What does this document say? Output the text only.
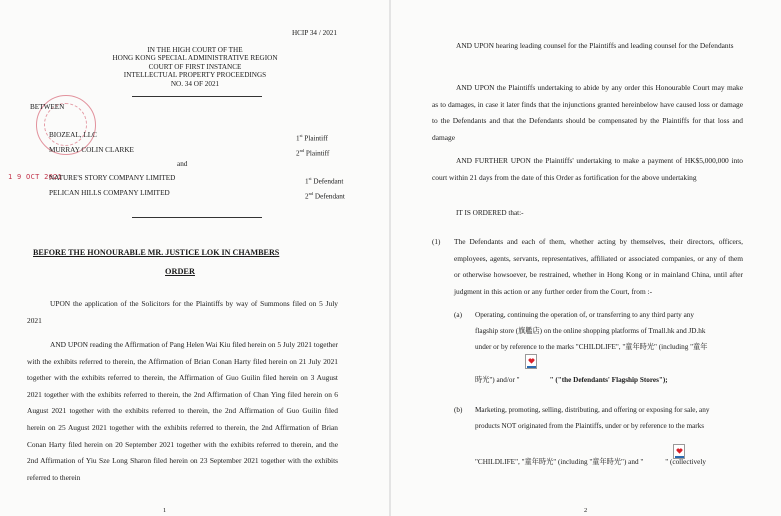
HCIP 34 / 2021
IN THE HIGH COURT OF THE
HONG KONG SPECIAL ADMINISTRATIVE REGION
COURT OF FIRST INSTANCE
INTELLECTUAL PROPERTY PROCEEDINGS
NO. 34 OF 2021
BETWEEN
BIOZEAL, LLC	1st Plaintiff
MURRAY COLIN CLARKE	2nd Plaintiff
and
1 9 OCT 2021
NATURE'S STORY COMPANY LIMITED	1st Defendant
PELICAN HILLS COMPANY LIMITED	2nd Defendant
BEFORE THE HONOURABLE MR. JUSTICE LOK IN CHAMBERS
ORDER
UPON the application of the Solicitors for the Plaintiffs by way of Summons filed on 5 July 2021
AND UPON reading the Affirmation of Pang Helen Wai Kiu filed herein on 5 July 2021 together with the exhibits referred to therein, the Affirmation of Brian Conan Harty filed herein on 21 July 2021 together with the exhibits referred to therein, the Affirmation of Guo Guilin filed herein on 3 August 2021 together with the exhibits referred to therein, the 2nd Affirmation of Chan Ying filed herein on 6 August 2021 together with the exhibits referred to therein, the 2nd Affirmation of Guo Guilin filed herein on 25 August 2021 together with the exhibits referred to therein, the 2nd Affirmation of Brian Conan Harty filed herein on 20 September 2021 together with the exhibits referred to therein, and the 2nd Affirmation of Yiu Sze Long Sharon filed herein on 23 September 2021 together with the exhibits referred to therein
1
AND UPON hearing leading counsel for the Plaintiffs and leading counsel for the Defendants
AND UPON the Plaintiffs undertaking to abide by any order this Honourable Court may make as to damages, in case it later finds that the injunctions granted hereinbelow have caused loss or damage to the Defendants and that the Defendants should be compensated by the Plaintiffs for that loss and damage
AND FURTHER UPON the Plaintiffs' undertaking to make a payment of HK$5,000,000 into court within 21 days from the date of this Order as fortification for the above undertaking
IT IS ORDERED that:-
(1) The Defendants and each of them, whether acting by themselves, their directors, officers, employees, agents, servants, representatives, affiliated or associated companies, or any of them or otherwise howsoever, be restrained, whether in Hong Kong or in mainland China, until after judgment in this action or any further order from the Court, from :-
(a) Operating, continuing the operation of, or transferring to any third party any
flagship store (旗艦店) on the online shopping platforms of Tmall.hk and JD.hk
under or by reference to the marks "CHILDLIFE", "童年時光" (including "童年
時光") and/or "	" ("the Defendants' Flagship Stores");
(b) Marketing, promoting, selling, distributing, and offering or exposing for sale, any
products NOT originated from the Plaintiffs, under or by reference to the marks
"CHILDLIFE", "童年時光" (including "童年時光") and "	" (collectively
2
